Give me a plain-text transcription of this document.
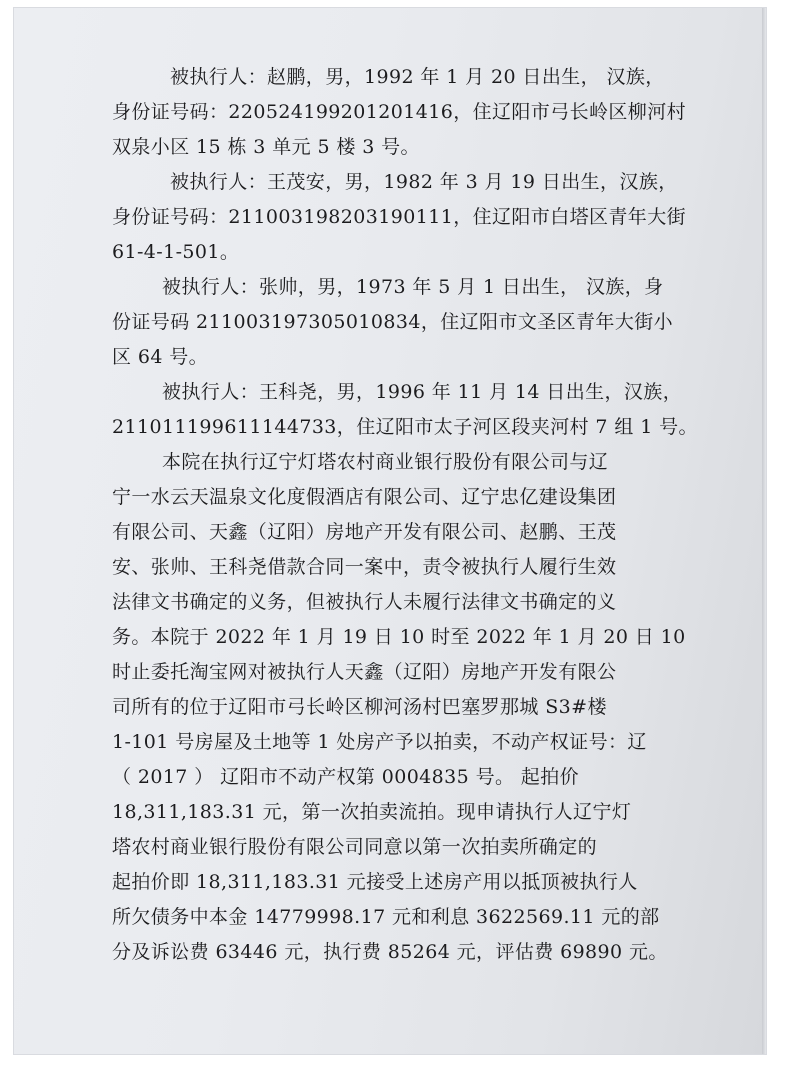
被执行人：赵鹏，男，1992 年 1 月 20 日出生， 汉族，
身份证号码：220524199201201416，住辽阳市弓长岭区柳河村
双泉小区 15 栋 3 单元 5 楼 3 号。
被执行人：王茂安，男，1982 年 3 月 19 日出生，汉族，
身份证号码：211003198203190111，住辽阳市白塔区青年大街
61-4-1-501。
被执行人：张帅，男，1973 年 5 月 1 日出生， 汉族，身
份证号码 211003197305010834，住辽阳市文圣区青年大街小
区 64 号。
被执行人：王科尧，男，1996 年 11 月 14 日出生，汉族，
211011199611144733，住辽阳市太子河区段夹河村 7 组 1 号。
本院在执行辽宁灯塔农村商业银行股份有限公司与辽
宁一水云天温泉文化度假酒店有限公司、辽宁忠亿建设集团
有限公司、天鑫（辽阳）房地产开发有限公司、赵鹏、王茂
安、张帅、王科尧借款合同一案中，责令被执行人履行生效
法律文书确定的义务，但被执行人未履行法律文书确定的义
务。本院于 2022 年 1 月 19 日 10 时至 2022 年 1 月 20 日 10
时止委托淘宝网对被执行人天鑫（辽阳）房地产开发有限公
司所有的位于辽阳市弓长岭区柳河汤村巴塞罗那城 S3#楼
1-101 号房屋及土地等 1 处房产予以拍卖，不动产权证号：辽
（ 2017 ） 辽阳市不动产权第 0004835 号。 起拍价
18,311,183.31 元，第一次拍卖流拍。现申请执行人辽宁灯
塔农村商业银行股份有限公司同意以第一次拍卖所确定的
起拍价即 18,311,183.31 元接受上述房产用以抵顶被执行人
所欠债务中本金 14779998.17 元和利息 3622569.11 元的部
分及诉讼费 63446 元，执行费 85264 元，评估费 69890 元。
